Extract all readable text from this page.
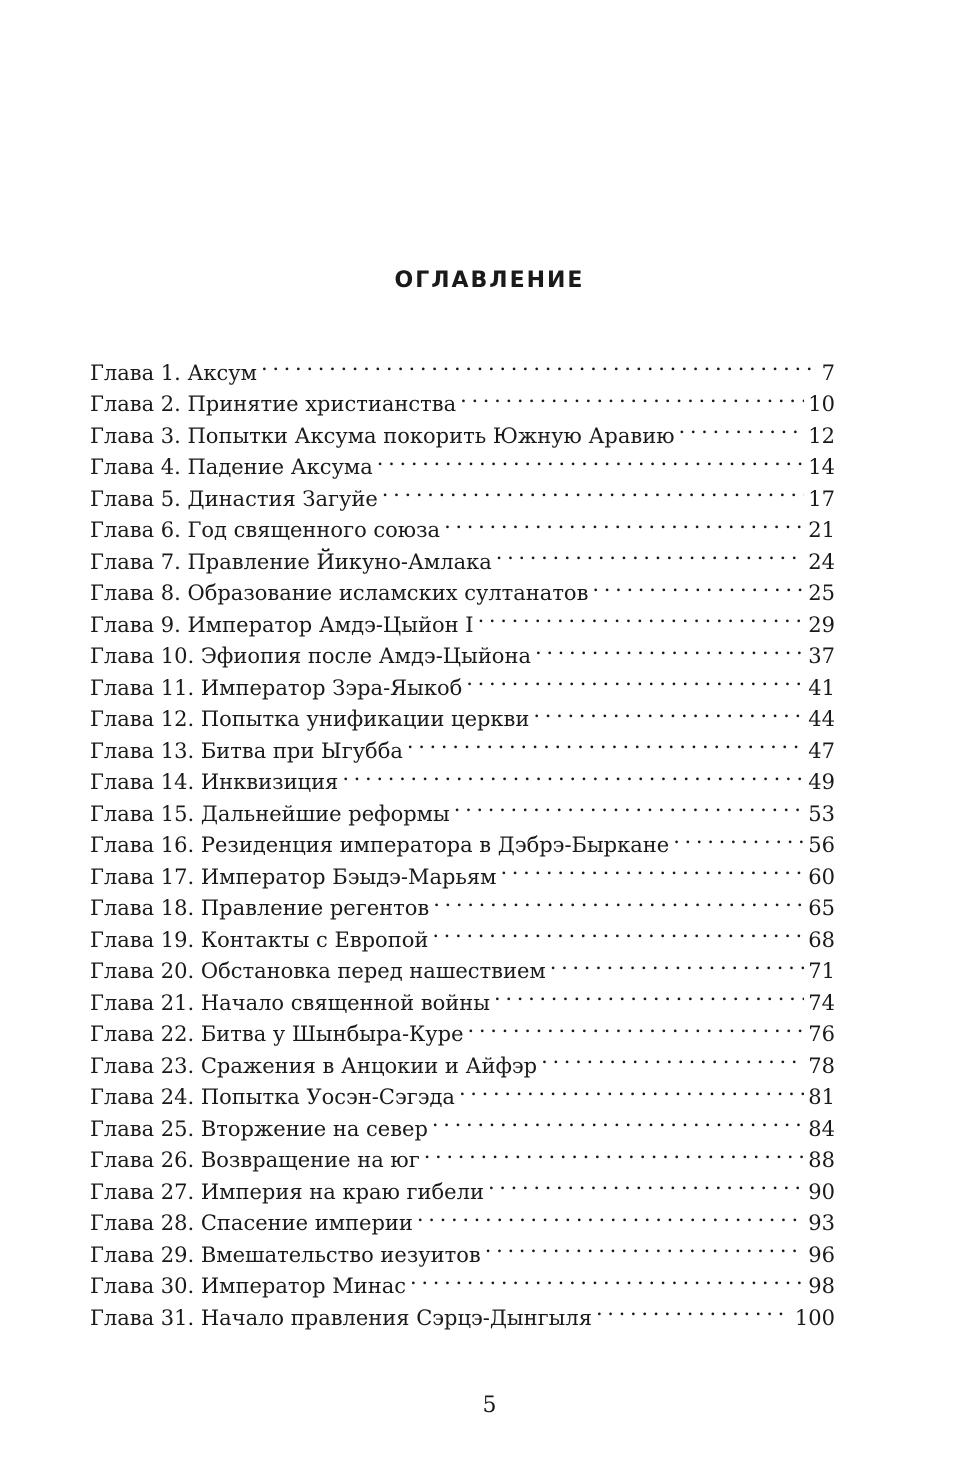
ОГЛАВЛЕНИЕ
Глава 1. Аксум . . .	7
Глава 2. Принятие христианства . . .	10
Глава 3. Попытки Аксума покорить Южную Аравию . . .	12
Глава 4. Падение Аксума . . .	14
Глава 5. Династия Загуйе . . .	17
Глава 6. Год священного союза . . .	21
Глава 7. Правление Йикуно-Амлака . . .	24
Глава 8. Образование исламских султанатов . . .	25
Глава 9. Император Амдэ-Цыйон I . . .	29
Глава 10. Эфиопия после Амдэ-Цыйона . . .	37
Глава 11. Император Зэра-Яыкоб . . .	41
Глава 12. Попытка унификации церкви . . .	44
Глава 13. Битва при Ыгубба . . .	47
Глава 14. Инквизиция . . .	49
Глава 15. Дальнейшие реформы . . .	53
Глава 16. Резиденция императора в Дэбрэ-Быркане . . .	56
Глава 17. Император Бэыдэ-Марьям . . .	60
Глава 18. Правление регентов . . .	65
Глава 19. Контакты с Европой . . .	68
Глава 20. Обстановка перед нашествием . . .	71
Глава 21. Начало священной войны . . .	74
Глава 22. Битва у Шынбыра-Куре . . .	76
Глава 23. Сражения в Анцокии и Айфэр . . .	78
Глава 24. Попытка Уосэн-Сэгэда . . .	81
Глава 25. Вторжение на север . . .	84
Глава 26. Возвращение на юг . . .	88
Глава 27. Империя на краю гибели . . .	90
Глава 28. Спасение империи . . .	93
Глава 29. Вмешательство иезуитов . . .	96
Глава 30. Император Минас . . .	98
Глава 31. Начало правления Сэрцэ-Дынгыля . . .	100
5
